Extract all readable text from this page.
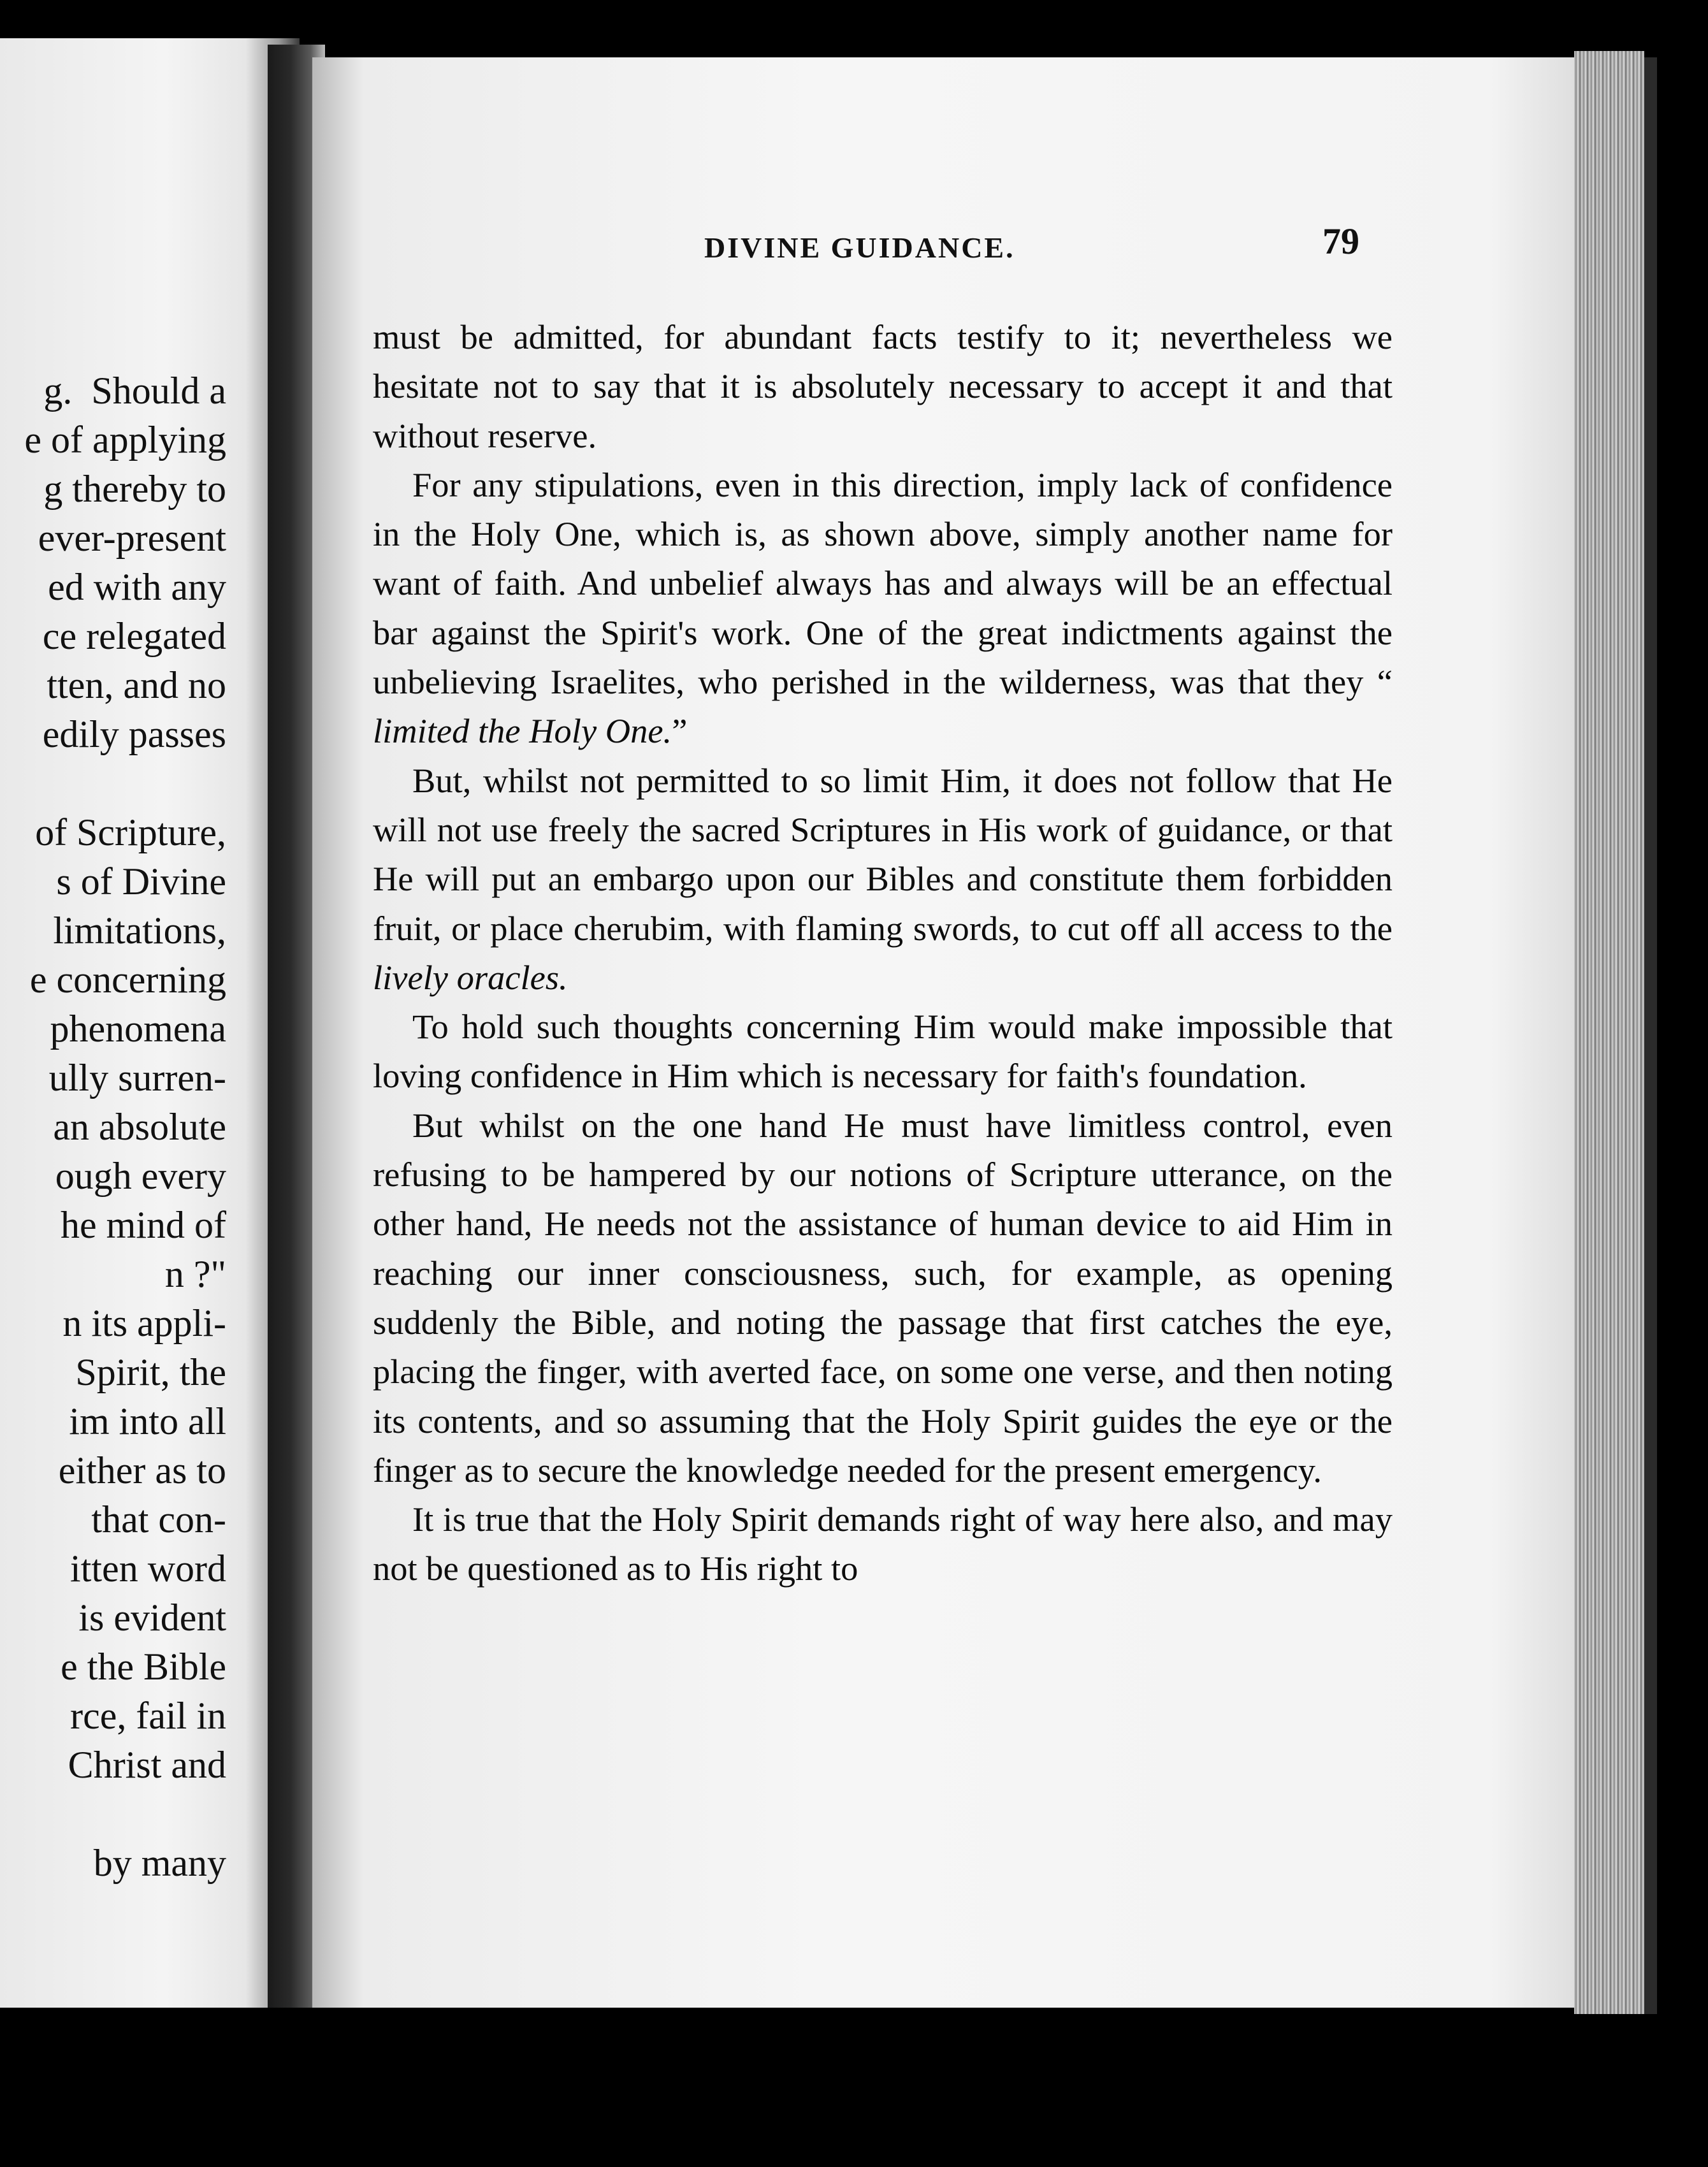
g.  Should a
e of applying
g thereby to
ever-present
ed with any
ce relegated
tten, and no
edily passes
of Scripture,
s of Divine
limitations,
e concerning
phenomena
ully surren-
an absolute
ough every
he mind of
n ?"
n its appli-
Spirit, the
im into all
either as to
that con-
itten word
is evident
e the Bible
rce, fail in
Christ and
by many
DIVINE GUIDANCE.	79

must be admitted, for abundant facts testify to it; nevertheless we hesitate not to say that it is absolutely necessary to accept it and that without reserve.

For any stipulations, even in this direction, imply lack of confidence in the Holy One, which is, as shown above, simply another name for want of faith. And unbelief always has and always will be an effectual bar against the Spirit's work. One of the great indictments against the unbelieving Israelites, who perished in the wilderness, was that they “ limited the Holy One.”

But, whilst not permitted to so limit Him, it does not follow that He will not use freely the sacred Scriptures in His work of guidance, or that He will put an embargo upon our Bibles and constitute them forbidden fruit, or place cherubim, with flaming swords, to cut off all access to the lively oracles.

To hold such thoughts concerning Him would make impossible that loving confidence in Him which is necessary for faith's foundation.

But whilst on the one hand He must have limitless control, even refusing to be hampered by our notions of Scripture utterance, on the other hand, He needs not the assistance of human device to aid Him in reaching our inner consciousness, such, for example, as opening suddenly the Bible, and noting the passage that first catches the eye, placing the finger, with averted face, on some one verse, and then noting its contents, and so assuming that the Holy Spirit guides the eye or the finger as to secure the knowledge needed for the present emergency.

It is true that the Holy Spirit demands right of way here also, and may not be questioned as to His right to
